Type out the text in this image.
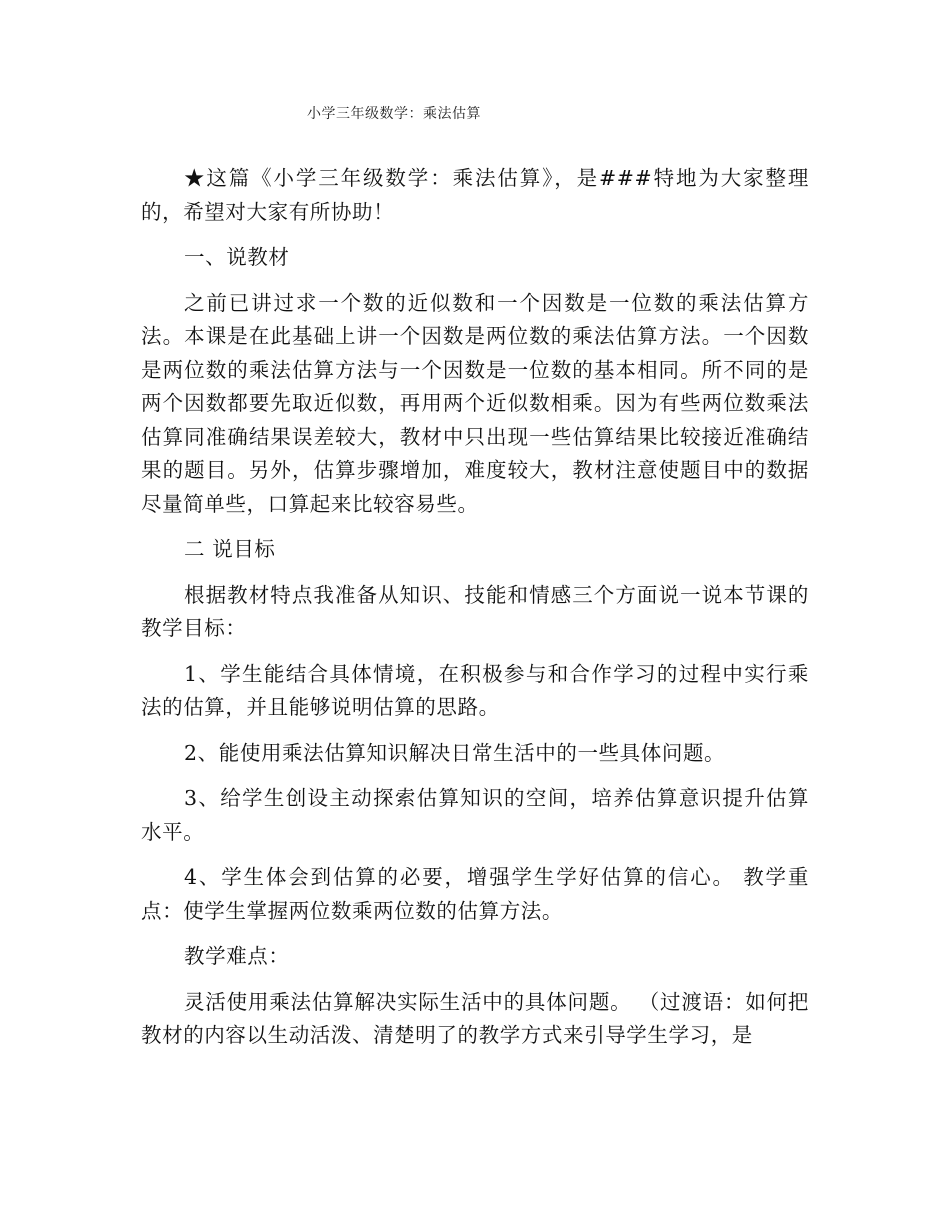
小学三年级数学：乘法估算

★这篇《小学三年级数学：乘法估算》，是###特地为大家整理的，希望对大家有所协助！

一、说教材

之前已讲过求一个数的近似数和一个因数是一位数的乘法估算方法。本课是在此基础上讲一个因数是两位数的乘法估算方法。一个因数是两位数的乘法估算方法与一个因数是一位数的基本相同。所不同的是两个因数都要先取近似数，再用两个近似数相乘。因为有些两位数乘法估算同准确结果误差较大，教材中只出现一些估算结果比较接近准确结果的题目。另外，估算步骤增加，难度较大，教材注意使题目中的数据尽量简单些，口算起来比较容易些。

二 说目标

根据教材特点我准备从知识、技能和情感三个方面说一说本节课的教学目标：

1、学生能结合具体情境，在积极参与和合作学习的过程中实行乘法的估算，并且能够说明估算的思路。

2、能使用乘法估算知识解决日常生活中的一些具体问题。

3、给学生创设主动探索估算知识的空间，培养估算意识提升估算水平。

4、学生体会到估算的必要，增强学生学好估算的信心。 教学重点：使学生掌握两位数乘两位数的估算方法。

教学难点：

灵活使用乘法估算解决实际生活中的具体问题。 （过渡语：如何把教材的内容以生动活泼、清楚明了的教学方式来引导学生学习，是
